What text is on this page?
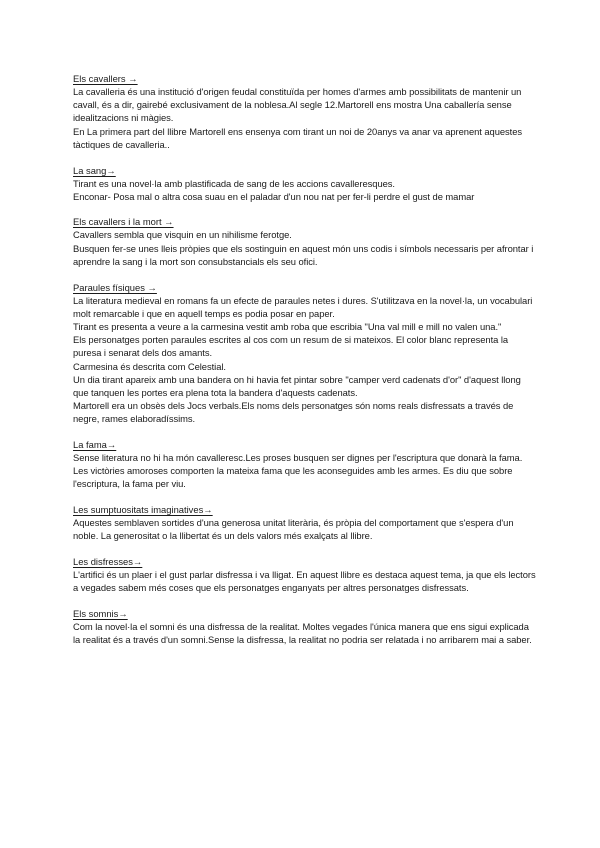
Els cavallers →

La cavalleria és una institució d'origen feudal constituïda per homes d'armes amb possibilitats de mantenir un cavall, és a dir, gairebé exclusivament de la noblesa.Al segle 12.Martorell ens mostra Una caballería sense idealitzacions ni màgies.

En La primera part del llibre Martorell ens ensenya com tirant un noi de 20anys va anar va aprenent aquestes tàctiques de cavalleria..

La sang→

Tirant es una novel·la amb plastificada de sang de les accions cavalleresques.

Enconar- Posa mal o altra cosa suau en el paladar d'un nou nat per fer-li perdre el gust de mamar

Els cavallers i la mort →

Cavallers sembla que visquin en un nihilisme ferotge.

Busquen fer-se unes lleis pròpies que els sostinguin en aquest món uns codis i símbols necessaris per afrontar i aprendre la sang i la mort son consubstancials els seu ofici.

Paraules físiques →

La literatura medieval en romans fa un efecte de paraules netes i dures. S'utilitzava en la novel·la, un vocabulari molt remarcable i que en aquell temps es podia posar en paper.

Tirant es presenta a veure a la carmesina vestit amb roba que escribia "Una val mill e mill no valen una."

Els personatges porten paraules escrites al cos com un resum de si mateixos. El color blanc representa la puresa i senarat dels dos amants.

Carmesina és descrita com Celestial.

Un dia tirant apareix amb una bandera on hi havia fet pintar sobre "camper verd cadenats d'or" d'aquest llong que tanquen les portes era plena tota la bandera d'aquests cadenats.

Martorell era un obsès dels Jocs verbals.Els noms dels personatges són noms reals disfressats a través de negre, rames elaboradíssims.

La fama→

Sense literatura no hi ha món cavalleresc.Les proses busquen ser dignes per l'escriptura que donarà la fama.

Les victòries amoroses comporten la mateixa fama que les aconseguides amb les armes. Es diu que sobre l'escriptura, la fama per viu.

Les sumptuositats imaginatives→

Aquestes semblaven sortides d'una generosa unitat literària, és pròpia del comportament que s'espera d'un noble. La generositat o la llibertat és un dels valors més exalçats al llibre.

Les disfresses→

L'artifici és un plaer i el gust parlar disfressa i va lligat. En aquest llibre es destaca aquest tema, ja que els lectors a vegades sabem més coses que els personatges enganyats per altres personatges disfressats.

Els somnis→

Com la novel·la el somni és una disfressa de la realitat. Moltes vegades l'única manera que ens sigui explicada la realitat és a través d'un somni.Sense la disfressa, la realitat no podria ser relatada i no arribarem mai a saber.
